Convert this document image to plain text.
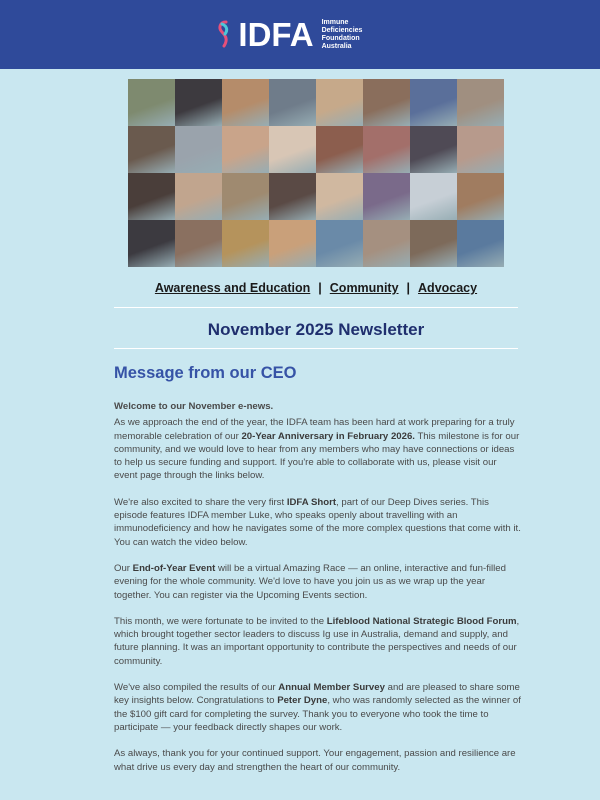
IDFA Immune
Deficiencies
Foundation
Australia
Awareness and Education | Community | Advocacy
November 2025 Newsletter
Message from our CEO

Welcome to our November e-news.

As we approach the end of the year, the IDFA team has been hard at work preparing for a truly memorable celebration of our 20-Year Anniversary in February 2026. This milestone is for our community, and we would love to hear from any members who may have connections or ideas to help us secure funding and support. If you're able to collaborate with us, please visit our event page through the links below.

We're also excited to share the very first IDFA Short, part of our Deep Dives series. This episode features IDFA member Luke, who speaks openly about travelling with an immunodeficiency and how he navigates some of the more complex questions that come with it. You can watch the video below.

Our End-of-Year Event will be a virtual Amazing Race — an online, interactive and fun-filled evening for the whole community. We'd love to have you join us as we wrap up the year together. You can register via the Upcoming Events section.

This month, we were fortunate to be invited to the Lifeblood National Strategic Blood Forum, which brought together sector leaders to discuss Ig use in Australia, demand and supply, and future planning. It was an important opportunity to contribute the perspectives and needs of our community.

We've also compiled the results of our Annual Member Survey and are pleased to share some key insights below. Congratulations to Peter Dyne, who was randomly selected as the winner of the $100 gift card for completing the survey. Thank you to everyone who took the time to participate — your feedback directly shapes our work.

As always, thank you for your continued support. Your engagement, passion and resilience are what drive us every day and strengthen the heart of our community.
